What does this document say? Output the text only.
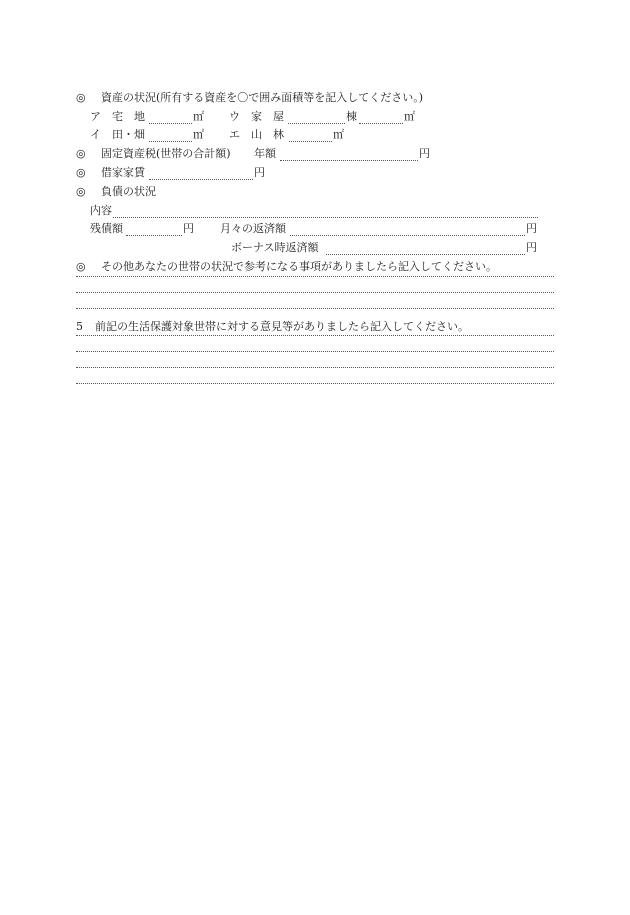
◎ 資産の状況(所有する資産を〇で囲み面積等を記入してください。)
ア　宅　地	㎡ ウ　家　屋	棟	㎡
イ　田・畑	㎡ エ　山　林	㎡
◎ 固定資産税(世帯の合計額) 年額	円
◎ 借家家賃	円
◎ 負債の状況
内容
残債額	円 月々の返済額	円
ボーナス時返済額	円
◎ その他あなたの世帯の状況で参考になる事項がありましたら記入してください。
5 前記の生活保護対象世帯に対する意見等がありましたら記入してください。
